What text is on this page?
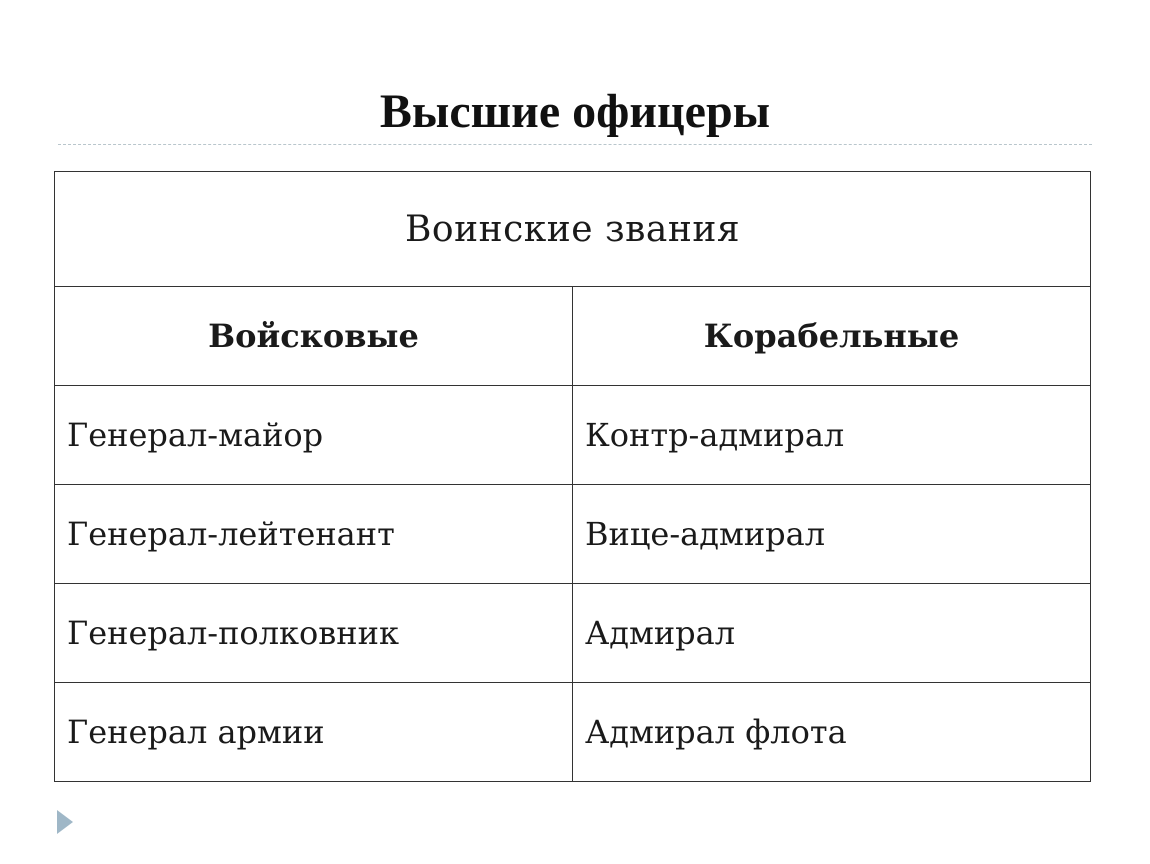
Высшие офицеры
Воинские звания	
Войсковые	Корабельные
Генерал-майор	Контр-адмирал
Генерал-лейтенант	Вице-адмирал
Генерал-полковник	Адмирал
Генерал армии	Адмирал флота
